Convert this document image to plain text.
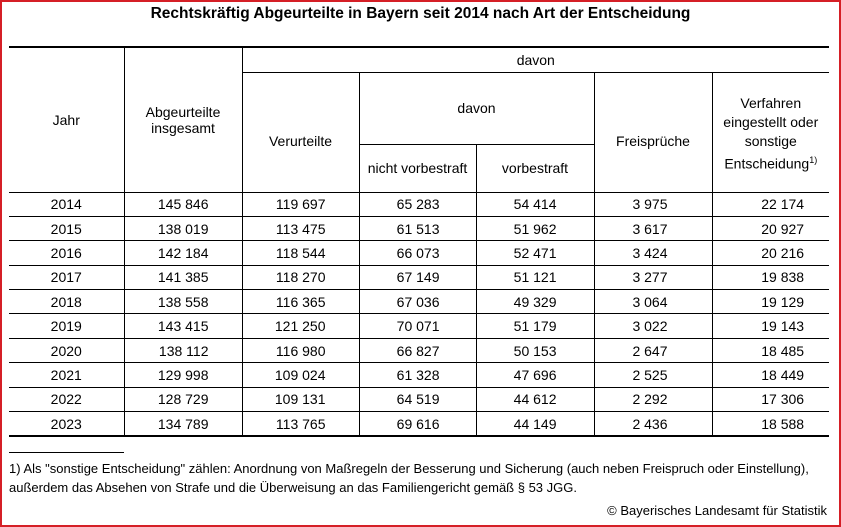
Rechtskräftig Abgeurteilte in Bayern seit 2014 nach Art der Entscheidung
Jahr	Abgeurteilte insgesamt	davon				
		Verurteilte	davon		Freisprüche	Verfahren eingestellt oder sonstige Entscheidung$^{1)}$
			nicht vorbestraft	vorbestraft		
2014	145 846	119 697	65 283	54 414	3 975	22 174
2015	138 019	113 475	61 513	51 962	3 617	20 927
2016	142 184	118 544	66 073	52 471	3 424	20 216
2017	141 385	118 270	67 149	51 121	3 277	19 838
2018	138 558	116 365	67 036	49 329	3 064	19 129
2019	143 415	121 250	70 071	51 179	3 022	19 143
2020	138 112	116 980	66 827	50 153	2 647	18 485
2021	129 998	109 024	61 328	47 696	2 525	18 449
2022	128 729	109 131	64 519	44 612	2 292	17 306
2023	134 789	113 765	69 616	44 149	2 436	18 588
1) Als "sonstige Entscheidung" zählen: Anordnung von Maßregeln der Besserung und Sicherung (auch neben Freispruch oder Einstellung), außerdem das Absehen von Strafe und die Überweisung an das Familiengericht gemäß § 53 JGG.
© Bayerisches Landesamt für Statistik
